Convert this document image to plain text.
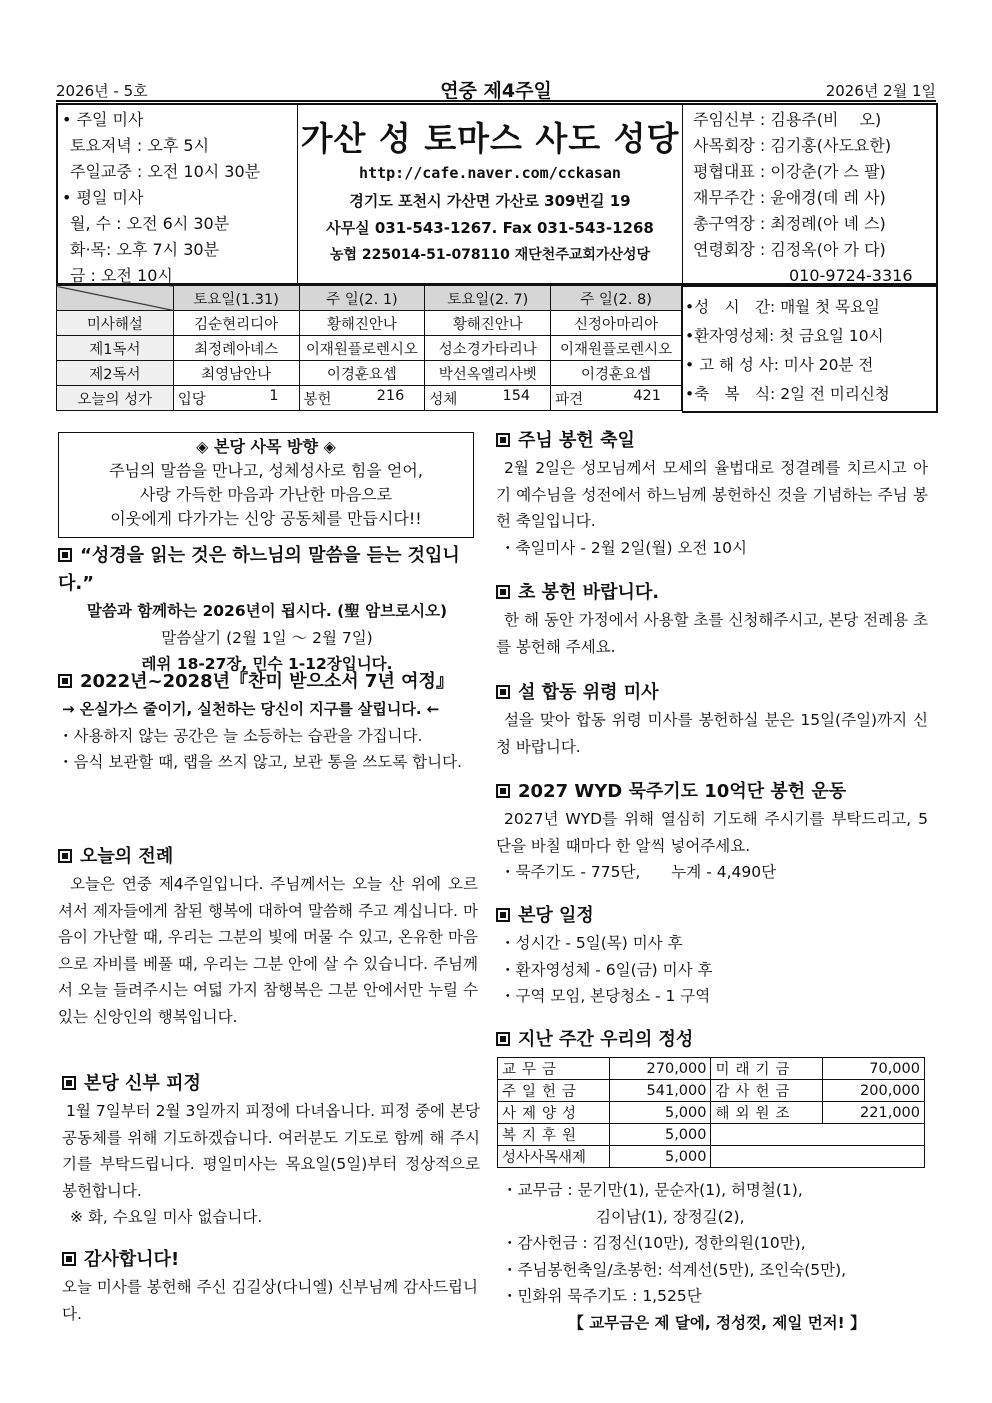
2026년 - 5호	연중 제4주일	2026년 2월 1일
• 주일 미사
토요저녁 : 오후 5시
주일교중 : 오전 10시 30분
• 평일 미사
월, 수 : 오전 6시 30분
화·목: 오후 7시 30분
금 : 오전 10시
가산 성 토마스 사도 성당
http://cafe.naver.com/cckasan
경기도 포천시 가산면 가산로 309번길 19
사무실 031-543-1267. Fax 031-543-1268
농협 225014-51-078110 재단천주교회가산성당
주임신부 : 김용주(비　 오)
사목회장 : 김기홍(사도요한)
평협대표 : 이강춘(가 스 팔)
재무주간 : 윤애경(데 레 사)
총구역장 : 최정례(아 녜 스)
연령회장 : 김정옥(아 가 다)
010-9724-3316
	토요일(1.31)	주 일(2. 1)	토요일(2. 7)	주 일(2. 8)
미사해설	김순현리디아	황해진안나	황해진안나	신정아마리아
제1독서	최정례아녜스	이재원플로렌시오	성소경가타리나	이재원플로렌시오
제2독서	최영남안나	이경훈요셉	박선옥엘리사벳	이경훈요셉
오늘의 성가	입당 1	봉헌 216	성체 154	파견 421
•성　시　간: 매월 첫 목요일
•환자영성체: 첫 금요일 10시
• 고 해 성 사: 미사 20분 전
•축　복　식: 2일 전 미리신청
◈ 본당 사목 방향 ◈
주님의 말씀을 만나고, 성체성사로 힘을 얻어,
사랑 가득한 마음과 가난한 마음으로
이웃에게 다가가는 신앙 공동체를 만듭시다!!
“성경을 읽는 것은 하느님의 말씀을 듣는 것입니다.”
말씀과 함께하는 2026년이 됩시다. (聖 암브로시오)
말씀살기 (2월 1일 ～ 2월 7일)
레위 18-27장, 민수 1-12장입니다.
2022년~2028년『찬미 받으소서 7년 여정』
→ 온실가스 줄이기, 실천하는 당신이 지구를 살립니다. ←
・사용하지 않는 공간은 늘 소등하는 습관을 가집니다.
・음식 보관할 때, 랩을 쓰지 않고, 보관 통을 쓰도록 합니다.
오늘의 전례
오늘은 연중 제4주일입니다. 주님께서는 오늘 산 위에 오르셔서 제자들에게 참된 행복에 대하여 말씀해 주고 계십니다. 마음이 가난할 때, 우리는 그분의 빛에 머물 수 있고, 온유한 마음으로 자비를 베풀 때, 우리는 그분 안에 살 수 있습니다. 주님께서 오늘 들려주시는 여덟 가지 참행복은 그분 안에서만 누릴 수 있는 신앙인의 행복입니다.
본당 신부 피정
1월 7일부터 2월 3일까지 피정에 다녀옵니다. 피정 중에 본당 공동체를 위해 기도하겠습니다. 여러분도 기도로 함께 해 주시기를 부탁드립니다. 평일미사는 목요일(5일)부터 정상적으로 봉헌합니다.
※ 화, 수요일 미사 없습니다.
감사합니다!
오늘 미사를 봉헌해 주신 김길상(다니엘) 신부님께 감사드립니다.
주님 봉헌 축일
2월 2일은 성모님께서 모세의 율법대로 정결례를 치르시고 아기 예수님을 성전에서 하느님께 봉헌하신 것을 기념하는 주님 봉헌 축일입니다.
・축일미사 - 2월 2일(월) 오전 10시
초 봉헌 바랍니다.
한 해 동안 가정에서 사용할 초를 신청해주시고, 본당 전례용 초를 봉헌해 주세요.
설 합동 위령 미사
설을 맞아 합동 위령 미사를 봉헌하실 분은 15일(주일)까지 신청 바랍니다.
2027 WYD 묵주기도 10억단 봉헌 운동
2027년 WYD를 위해 열심히 기도해 주시기를 부탁드리고, 5단을 바칠 때마다 한 알씩 넣어주세요.
・묵주기도 - 775단,　　누계 - 4,490단
본당 일정
・성시간 - 5일(목) 미사 후
・환자영성체 - 6일(금) 미사 후
・구역 모임, 본당청소 - 1 구역
지난 주간 우리의 정성
교무금	270,000	미래기금	70,000
주일헌금	541,000	감사헌금	200,000
사제양성	5,000	해외원조	221,000
복지후원	5,000		
성사사목새제	5,000		
・교무금 : 문기만(1), 문순자(1), 허명철(1),
김이남(1), 장정길(2),
・감사헌금 : 김정신(10만), 정한의원(10만),
・주님봉헌축일/초봉헌: 석계선(5만), 조인숙(5만),
・민화위 묵주기도 : 1,525단
【 교무금은 제 달에, 정성껏, 제일 먼저! 】
